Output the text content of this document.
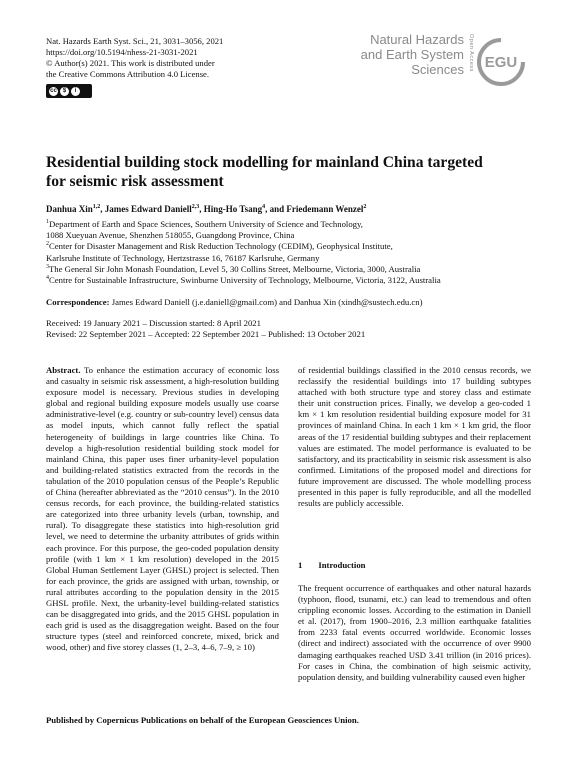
Nat. Hazards Earth Syst. Sci., 21, 3031–3056, 2021
https://doi.org/10.5194/nhess-21-3031-2021
© Author(s) 2021. This work is distributed under
the Creative Commons Attribution 4.0 License.
cc $	i
Natural Hazards
and Earth System
Sciences Open Access EGU
Residential building stock modelling for mainland China targeted
for seismic risk assessment
Danhua Xin$^{1,2}$, James Edward Daniell$^{2,3}$, Hing-Ho Tsang$^4$, and Friedemann Wenzel$^2$
$^1$Department of Earth and Space Sciences, Southern University of Science and Technology,
1088 Xueyuan Avenue, Shenzhen 518055, Guangdong Province, China
$^2$Center for Disaster Management and Risk Reduction Technology (CEDIM), Geophysical Institute,
Karlsruhe Institute of Technology, Hertzstrasse 16, 76187 Karlsruhe, Germany
$^3$The General Sir John Monash Foundation, Level 5, 30 Collins Street, Melbourne, Victoria, 3000, Australia
$^4$Centre for Sustainable Infrastructure, Swinburne University of Technology, Melbourne, Victoria, 3122, Australia
Correspondence: James Edward Daniell (j.e.daniell@gmail.com) and Danhua Xin (xindh@sustech.edu.cn)
Received: 19 January 2021 – Discussion started: 8 April 2021
Revised: 22 September 2021 – Accepted: 22 September 2021 – Published: 13 October 2021
Abstract. To enhance the estimation accuracy of economic loss and casualty in seismic risk assessment, a high-resolution building exposure model is necessary. Previous studies in developing global and regional building exposure models usually use coarse administrative-level (e.g. country or sub-country level) census data as model inputs, which cannot fully reflect the spatial heterogeneity of buildings in large countries like China. To develop a high-resolution residential building stock model for mainland China, this paper uses finer urbanity-level population and building-related statistics extracted from the records in the tabulation of the 2010 population census of the People’s Republic of China (hereafter abbreviated as the “2010 census”). In the 2010 census records, for each province, the building-related statistics are categorized into three urbanity levels (urban, township, and rural). To disaggregate these statistics into high-resolution grid level, we need to determine the urbanity attributes of grids within each province. For this purpose, the geo-coded population density profile (with 1 km × 1 km resolution) developed in the 2015 Global Human Settlement Layer (GHSL) project is selected. Then for each province, the grids are assigned with urban, township, or rural attributes according to the population density in the 2015 GHSL profile. Next, the urbanity-level building-related statistics can be disaggregated into grids, and the 2015 GHSL population in each grid is used as the disaggregation weight. Based on the four structure types (steel and reinforced concrete, mixed, brick and wood, other) and five storey classes (1, 2–3, 4–6, 7–9, ≥ 10)
of residential buildings classified in the 2010 census records, we reclassify the residential buildings into 17 building subtypes attached with both structure type and storey class and estimate their unit construction prices. Finally, we develop a geo-coded 1 km × 1 km resolution residential building exposure model for 31 provinces of mainland China. In each 1 km × 1 km grid, the floor areas of the 17 residential building subtypes and their replacement values are estimated. The model performance is evaluated to be satisfactory, and its practicability in seismic risk assessment is also confirmed. Limitations of the proposed model and directions for future improvement are discussed. The whole modelling process presented in this paper is fully reproducible, and all the modelled results are publicly accessible.
1 Introduction
The frequent occurrence of earthquakes and other natural hazards (typhoon, flood, tsunami, etc.) can lead to tremendous and often crippling economic losses. According to the estimation in Daniell et al. (2017), from 1900–2016, 2.3 million earthquake fatalities from 2233 fatal events occurred worldwide. Economic losses (direct and indirect) associated with the occurrence of over 9900 damaging earthquakes reached USD 3.41 trillion (in 2016 prices). For cases in China, the combination of high seismic activity, population density, and building vulnerability caused even higher
Published by Copernicus Publications on behalf of the European Geosciences Union.
